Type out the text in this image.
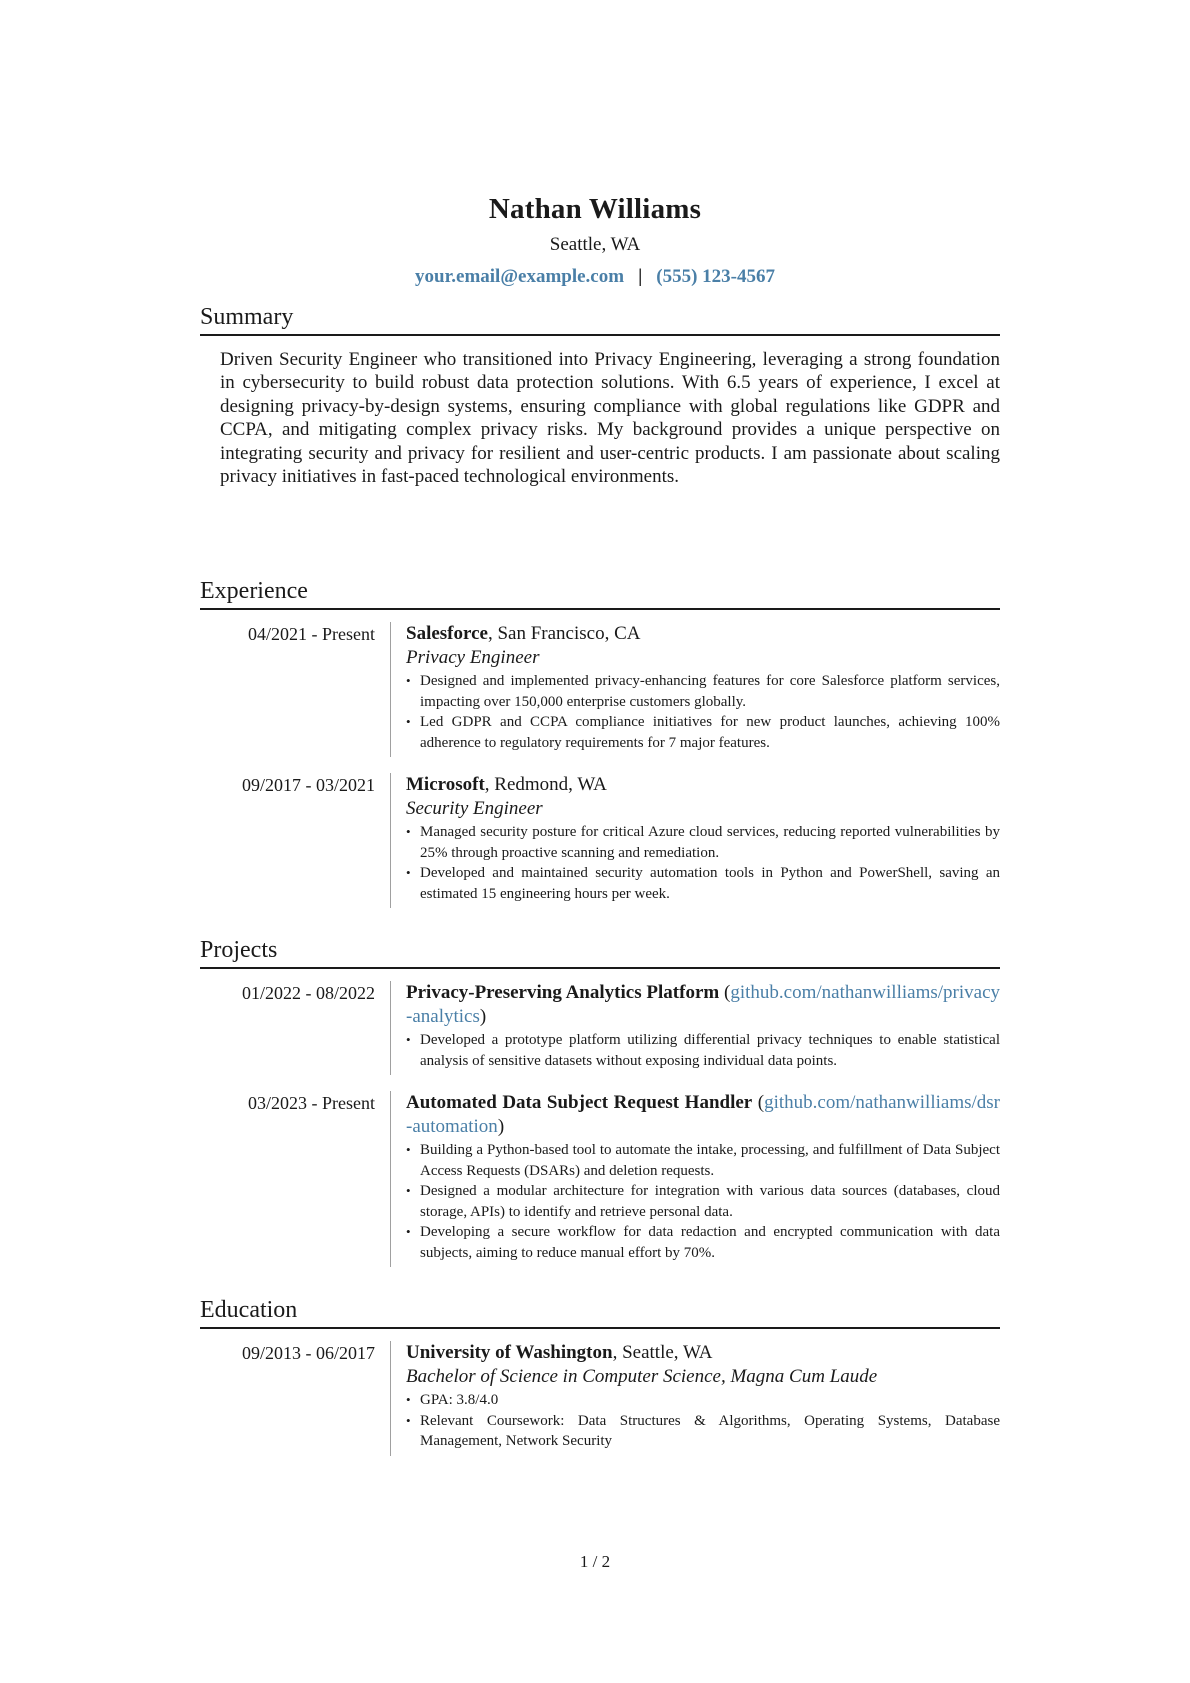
Nathan Williams
Seattle, WA
your.email@example.com | (555) 123-4567
Summary
Driven Security Engineer who transitioned into Privacy Engineering, leveraging a strong foundation in cybersecurity to build robust data protection solutions. With 6.5 years of experience, I excel at designing privacy-by-design systems, ensuring compliance with global regulations like GDPR and CCPA, and mitigating complex privacy risks. My background provides a unique perspective on integrating security and privacy for resilient and user-centric products. I am passionate about scaling privacy initiatives in fast-paced technological environments.
Experience
04/2021 - Present	Salesforce, San Francisco, CA
Privacy Engineer
• Designed and implemented privacy-enhancing features for core Salesforce platform services, impacting over 150,000 enterprise customers globally.
• Led GDPR and CCPA compliance initiatives for new product launches, achieving 100% adherence to regulatory requirements for 7 major features.
09/2017 - 03/2021	Microsoft, Redmond, WA
Security Engineer
• Managed security posture for critical Azure cloud services, reducing reported vulnerabilities by 25% through proactive scanning and remediation.
• Developed and maintained security automation tools in Python and PowerShell, saving an estimated 15 engineering hours per week.
Projects
01/2022 - 08/2022	Privacy-Preserving Analytics Platform (github.com/nathanwilliams/privacy-analytics)
• Developed a prototype platform utilizing differential privacy techniques to enable statistical analysis of sensitive datasets without exposing individual data points.
03/2023 - Present	Automated Data Subject Request Handler (github.com/nathanwilliams/dsr-automation)
• Building a Python-based tool to automate the intake, processing, and fulfillment of Data Subject Access Requests (DSARs) and deletion requests.
• Designed a modular architecture for integration with various data sources (databases, cloud storage, APIs) to identify and retrieve personal data.
• Developing a secure workflow for data redaction and encrypted communication with data subjects, aiming to reduce manual effort by 70%.
Education
09/2013 - 06/2017	University of Washington, Seattle, WA
Bachelor of Science in Computer Science, Magna Cum Laude
• GPA: 3.8/4.0
• Relevant Coursework: Data Structures & Algorithms, Operating Systems, Database Management, Network Security
1 / 2
